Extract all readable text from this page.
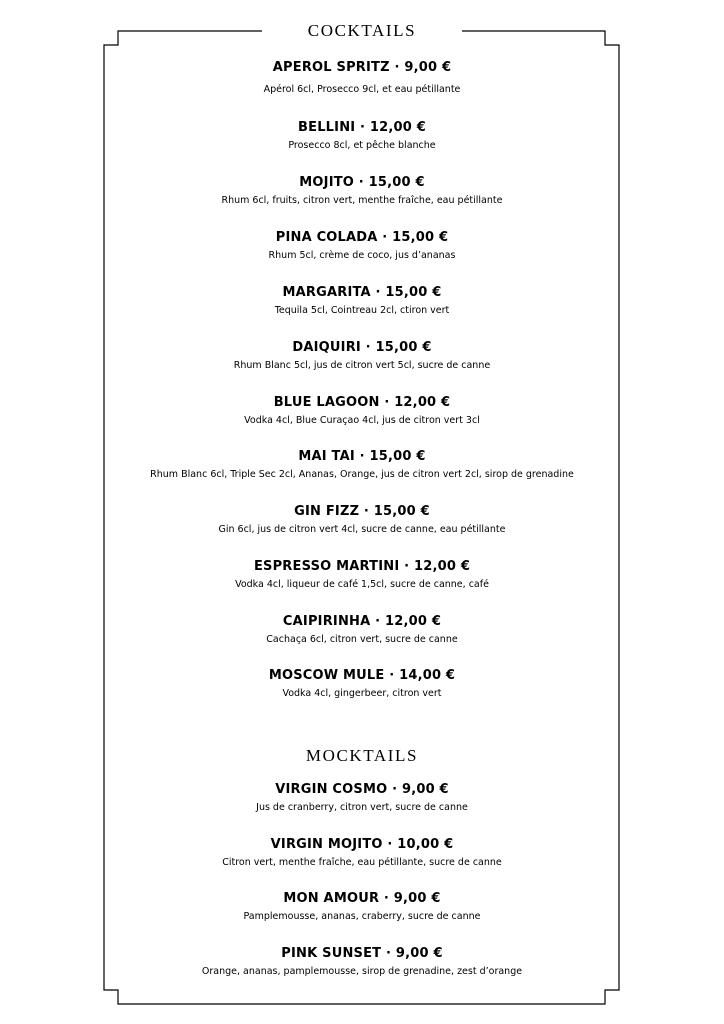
COCKTAILS
APEROL SPRITZ · 9,00 €
Apérol 6cl, Prosecco 9cl, et eau pétillante
BELLINI · 12,00 €
Prosecco 8cl, et pêche blanche
MOJITO · 15,00 €
Rhum 6cl, fruits, citron vert, menthe fraîche, eau pétillante
PINA COLADA · 15,00 €
Rhum 5cl, crème de coco, jus d’ananas
MARGARITA · 15,00 €
Tequila 5cl, Cointreau 2cl, ctiron vert
DAIQUIRI · 15,00 €
Rhum Blanc 5cl, jus de citron vert 5cl, sucre de canne
BLUE LAGOON · 12,00 €
Vodka 4cl, Blue Curaçao 4cl, jus de citron vert 3cl
MAI TAI · 15,00 €
Rhum Blanc 6cl, Triple Sec 2cl, Ananas, Orange, jus de citron vert 2cl, sirop de grenadine
GIN FIZZ · 15,00 €
Gin 6cl, jus de citron vert 4cl, sucre de canne, eau pétillante
ESPRESSO MARTINI · 12,00 €
Vodka 4cl, liqueur de café 1,5cl, sucre de canne, café
CAIPIRINHA · 12,00 €
Cachaça 6cl, citron vert, sucre de canne
MOSCOW MULE · 14,00 €
Vodka 4cl, gingerbeer, citron vert
MOCKTAILS
VIRGIN COSMO · 9,00 €
Jus de cranberry, citron vert, sucre de canne
VIRGIN MOJITO · 10,00 €
Citron vert, menthe fraîche, eau pétillante, sucre de canne
MON AMOUR · 9,00 €
Pamplemousse, ananas, craberry, sucre de canne
PINK SUNSET · 9,00 €
Orange, ananas, pamplemousse, sirop de grenadine, zest d’orange
